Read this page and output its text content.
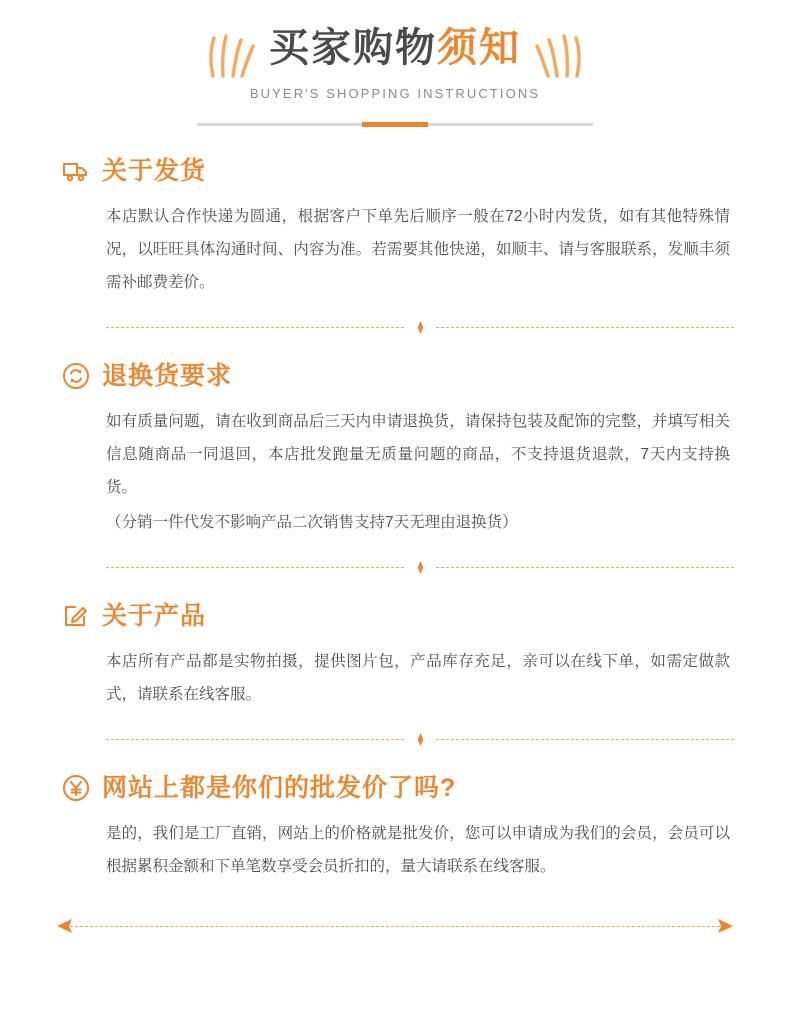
买家购物须知
BUYER'S SHOPPING INSTRUCTIONS
关于发货

本店默认合作快递为圆通，根据客户下单先后顺序一般在72小时内发货，如有其他特殊情况，以旺旺具体沟通时间、内容为准。若需要其他快递，如顺丰、请与客服联系，发顺丰须需补邮费差价。

退换货要求

如有质量问题，请在收到商品后三天内申请退换货，请保持包装及配饰的完整，并填写相关信息随商品一同退回，本店批发跑量无质量问题的商品，不支持退货退款，7天内支持换货。

（分销一件代发不影响产品二次销售支持7天无理由退换货）

关于产品

本店所有产品都是实物拍摄，提供图片包，产品库存充足，亲可以在线下单，如需定做款式，请联系在线客服。

网站上都是你们的批发价了吗?

是的，我们是工厂直销，网站上的价格就是批发价，您可以申请成为我们的会员，会员可以根据累积金额和下单笔数享受会员折扣的，量大请联系在线客服。
